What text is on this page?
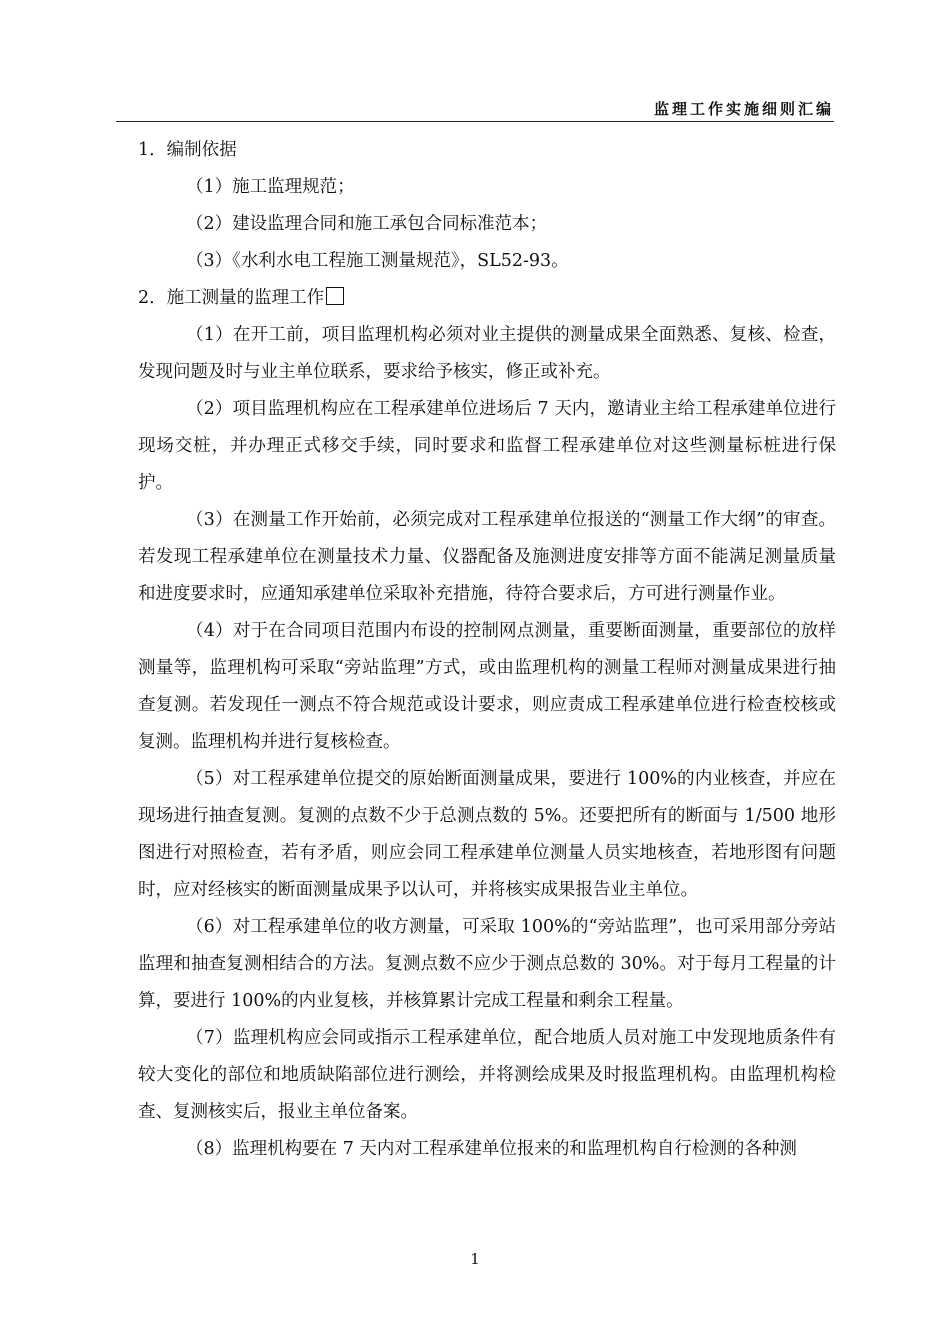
监理工作实施细则汇编

1．编制依据

（1）施工监理规范；

（2）建设监理合同和施工承包合同标准范本；

（3）《水利水电工程施工测量规范》，SL52-93。

2．施工测量的监理工作

（1）在开工前，项目监理机构必须对业主提供的测量成果全面熟悉、复核、检查，发现问题及时与业主单位联系，要求给予核实，修正或补充。

（2）项目监理机构应在工程承建单位进场后 7 天内，邀请业主给工程承建单位进行现场交桩，并办理正式移交手续，同时要求和监督工程承建单位对这些测量标桩进行保护。

（3）在测量工作开始前，必须完成对工程承建单位报送的“测量工作大纲”的审查。若发现工程承建单位在测量技术力量、仪器配备及施测进度安排等方面不能满足测量质量和进度要求时，应通知承建单位采取补充措施，待符合要求后，方可进行测量作业。

（4）对于在合同项目范围内布设的控制网点测量，重要断面测量，重要部位的放样测量等，监理机构可采取“旁站监理”方式，或由监理机构的测量工程师对测量成果进行抽查复测。若发现任一测点不符合规范或设计要求，则应责成工程承建单位进行检查校核或复测。监理机构并进行复核检查。

（5）对工程承建单位提交的原始断面测量成果，要进行 100%的内业核查，并应在现场进行抽查复测。复测的点数不少于总测点数的 5%。还要把所有的断面与 1/500 地形图进行对照检查，若有矛盾，则应会同工程承建单位测量人员实地核查，若地形图有问题时，应对经核实的断面测量成果予以认可，并将核实成果报告业主单位。

（6）对工程承建单位的收方测量，可采取 100%的“旁站监理”，也可采用部分旁站监理和抽查复测相结合的方法。复测点数不应少于测点总数的 30%。对于每月工程量的计算，要进行 100%的内业复核，并核算累计完成工程量和剩余工程量。

（7）监理机构应会同或指示工程承建单位，配合地质人员对施工中发现地质条件有较大变化的部位和地质缺陷部位进行测绘，并将测绘成果及时报监理机构。由监理机构检查、复测核实后，报业主单位备案。

（8）监理机构要在 7 天内对工程承建单位报来的和监理机构自行检测的各种测

1
